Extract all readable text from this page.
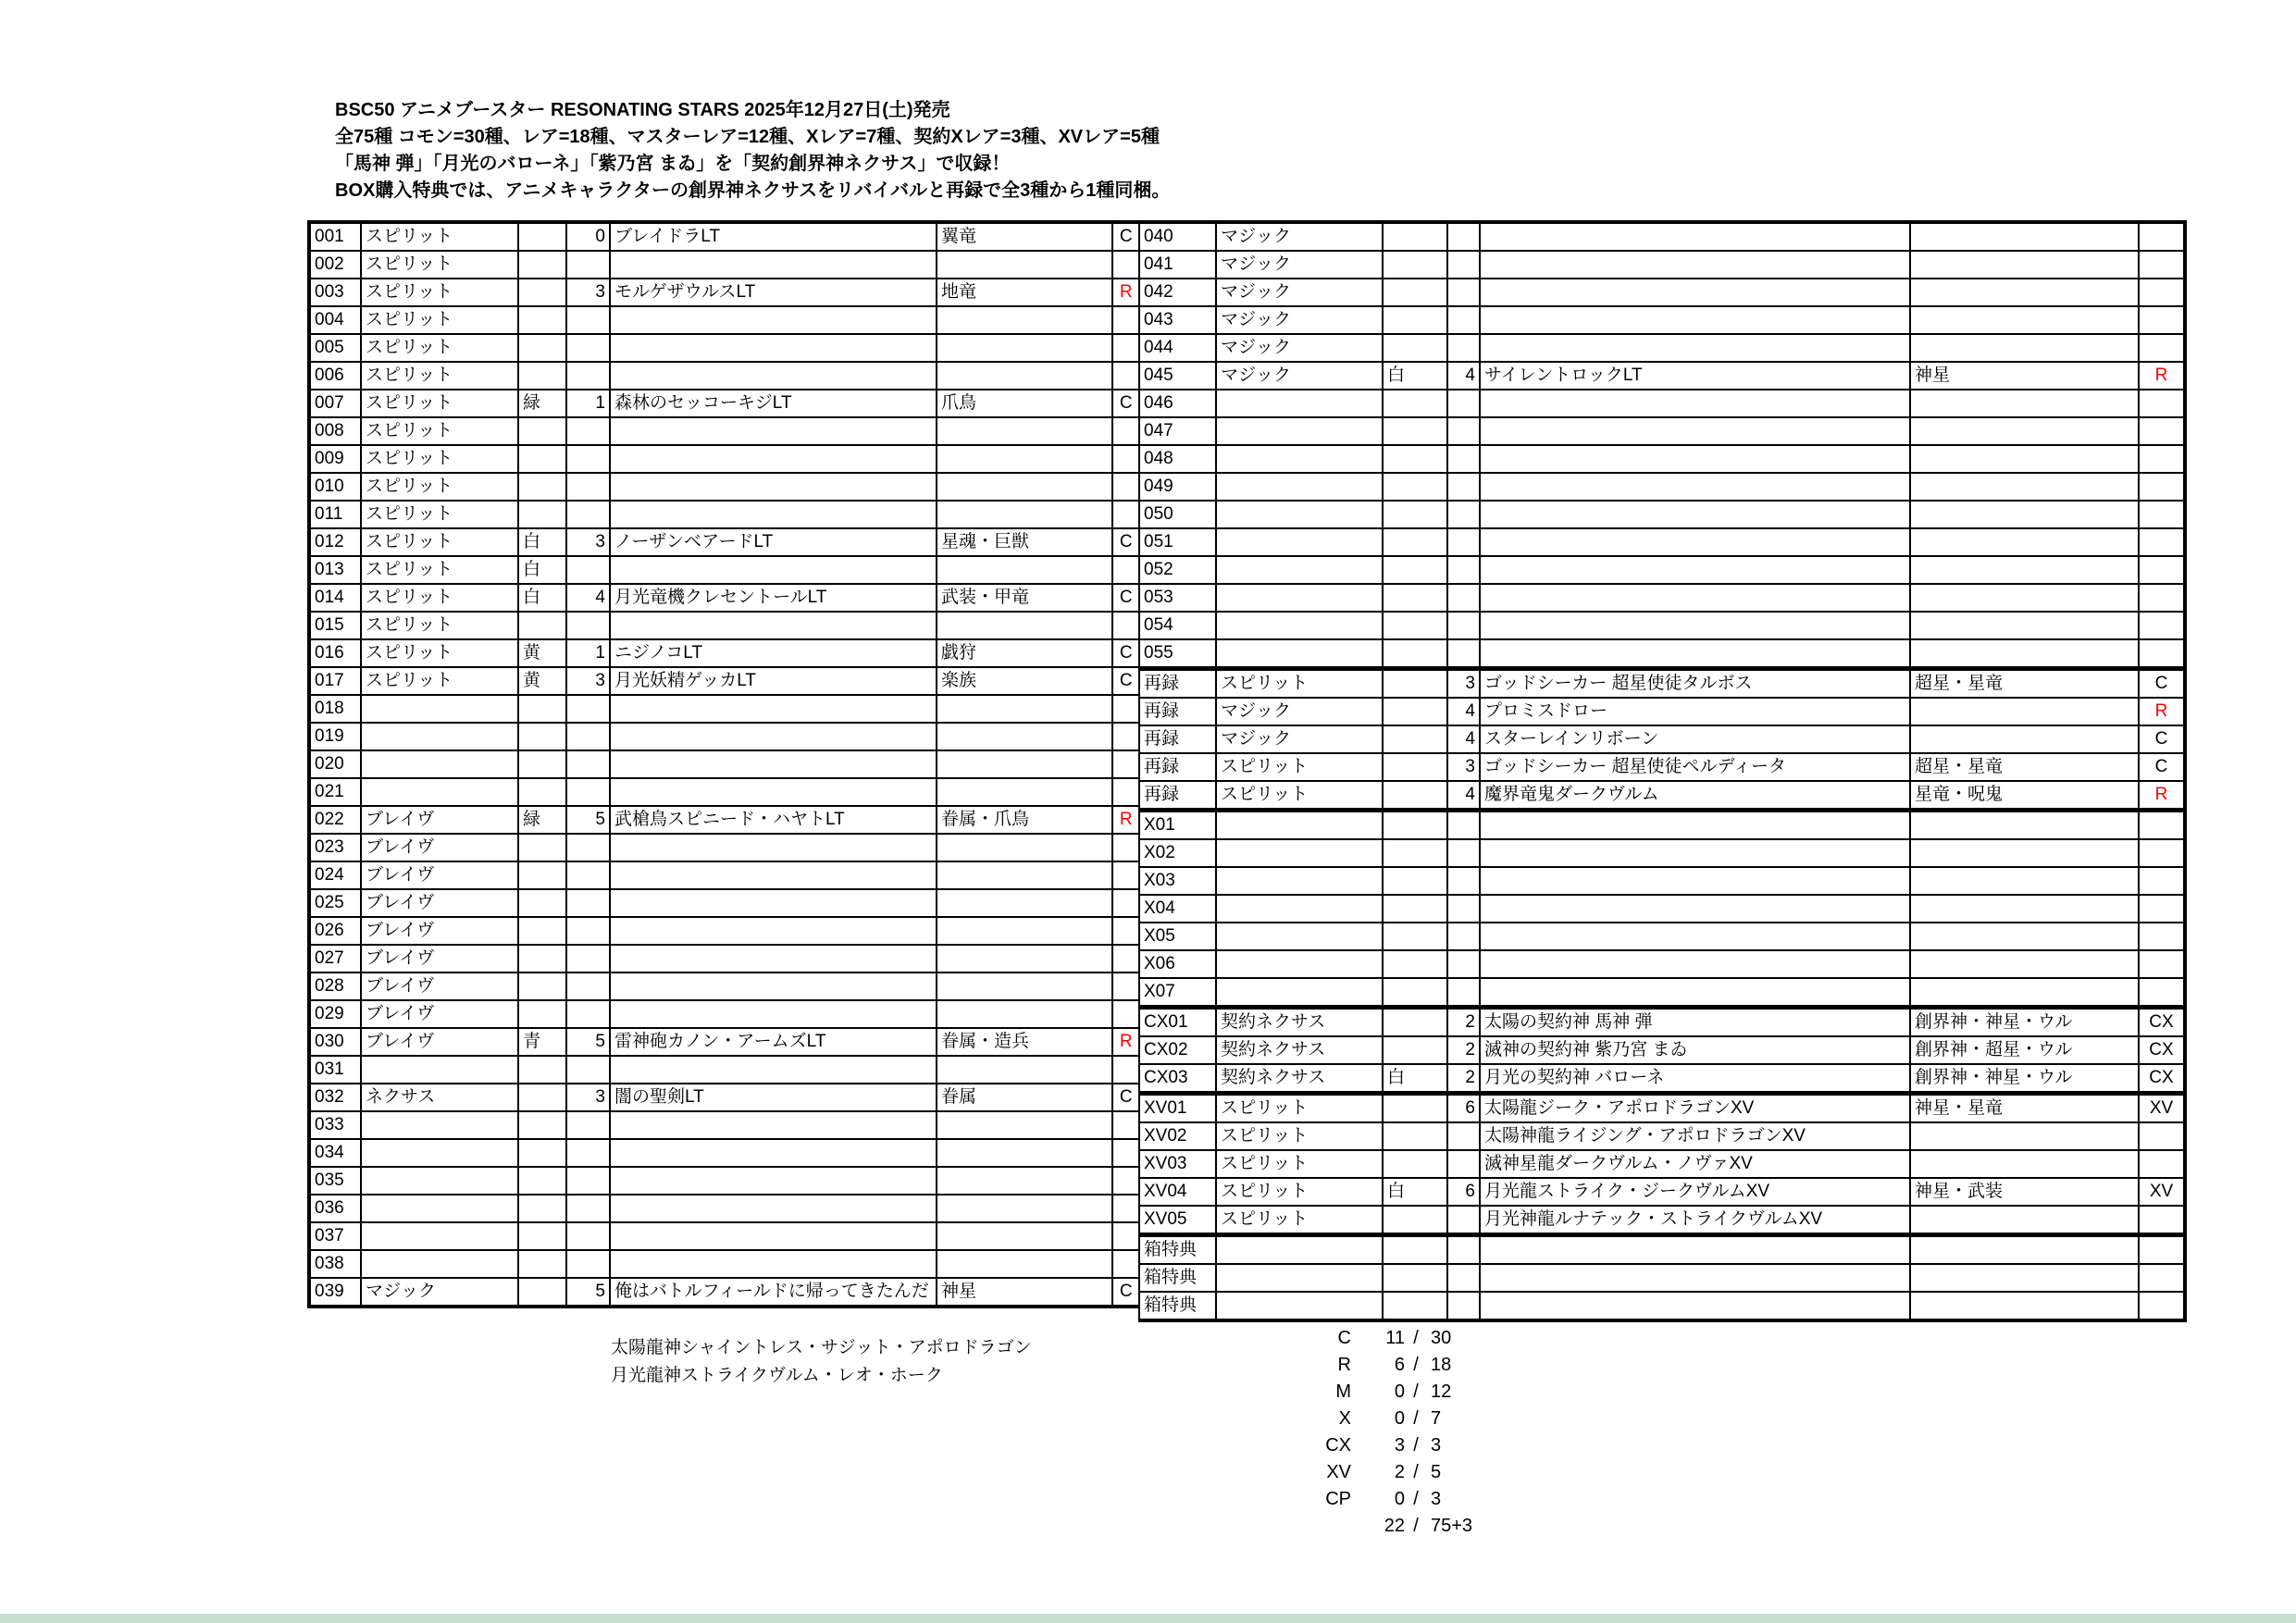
BSC50 アニメブースター RESONATING STARS 2025年12月27日(土)発売
全75種 コモン=30種、レア=18種、マスターレア=12種、Xレア=7種、契約Xレア=3種、XVレア=5種
「馬神 弾」「月光のバローネ」「紫乃宮 まゐ」を「契約創界神ネクサス」で収録！
BOX購入特典では、アニメキャラクターの創界神ネクサスをリバイバルと再録で全3種から1種同梱。
001	スピリット	赤	0	ブレイドラLT	翼竜	C
002	スピリット	赤				
003	スピリット	赤	3	モルゲザウルスLT	地竜	R
004	スピリット					
005	スピリット					
006	スピリット					
007	スピリット	緑	1	森林のセッコーキジLT	爪鳥	C
008	スピリット					
009	スピリット					
010	スピリット					
011	スピリット					
012	スピリット	白	3	ノーザンベアードLT	星魂・巨獣	C
013	スピリット	白				
014	スピリット	白	4	月光竜機クレセントールLT	武装・甲竜	C
015	スピリット					
016	スピリット	黄	1	ニジノコLT	戯狩	C
017	スピリット	黄	3	月光妖精ゲッカLT	楽族	C
018						
019						
020						
021						
022	ブレイヴ	緑	5	武槍鳥スピニード・ハヤトLT	眷属・爪鳥	R
023	ブレイヴ					
024	ブレイヴ					
025	ブレイヴ					
026	ブレイヴ					
027	ブレイヴ					
028	ブレイヴ					
029	ブレイヴ					
030	ブレイヴ	青	5	雷神砲カノン・アームズLT	眷属・造兵	R
031						
032	ネクサス	紫	3	闇の聖剣LT	眷属	C
033						
034						
035						
036						
037						
038						
039	マジック	赤	5	俺はバトルフィールドに帰ってきたんだ	神星	C
040	マジック					
041	マジック					
042	マジック					
043	マジック					
044	マジック					
045	マジック	白	4	サイレントロックLT	神星	R
046						
047						
048						
049						
050						
051						
052						
053						
054						
055						
再録	スピリット	紫	3	ゴッドシーカー 超星使徒タルボス	超星・星竜	C
再録	マジック	赤	4	プロミスドロー		R
再録	マジック	赤	4	スターレインリボーン		C
再録	スピリット	赤	3	ゴッドシーカー 超星使徒ペルディータ	超星・星竜	C
再録	スピリット	紫	4	魔界竜鬼ダークヴルム	星竜・呪鬼	R
X01						
X02						
X03						
X04						
X05						
X06						
X07						
CX01	契約ネクサス	赤	2	太陽の契約神 馬神 弾	創界神・神星・ウル	CX
CX02	契約ネクサス	紫	2	滅神の契約神 紫乃宮 まゐ	創界神・超星・ウル	CX
CX03	契約ネクサス	白	2	月光の契約神 バローネ	創界神・神星・ウル	CX
XV01	スピリット	赤	6	太陽龍ジーク・アポロドラゴンXV	神星・星竜	XV
XV02	スピリット			太陽神龍ライジング・アポロドラゴンXV		
XV03	スピリット			滅神星龍ダークヴルム・ノヴァXV		
XV04	スピリット	白	6	月光龍ストライク・ジークヴルムXV	神星・武装	XV
XV05	スピリット			月光神龍ルナテック・ストライクヴルムXV		
箱特典						
箱特典						
箱特典						
太陽龍神シャイントレス・サジット・アポロドラゴン
月光龍神ストライクヴルム・レオ・ホーク
C	11 / 30
R	6 / 18
M	0 / 12
X	0 / 7
CX	3 / 3
XV	2 / 5
CP	0 / 3
22 / 75+3
